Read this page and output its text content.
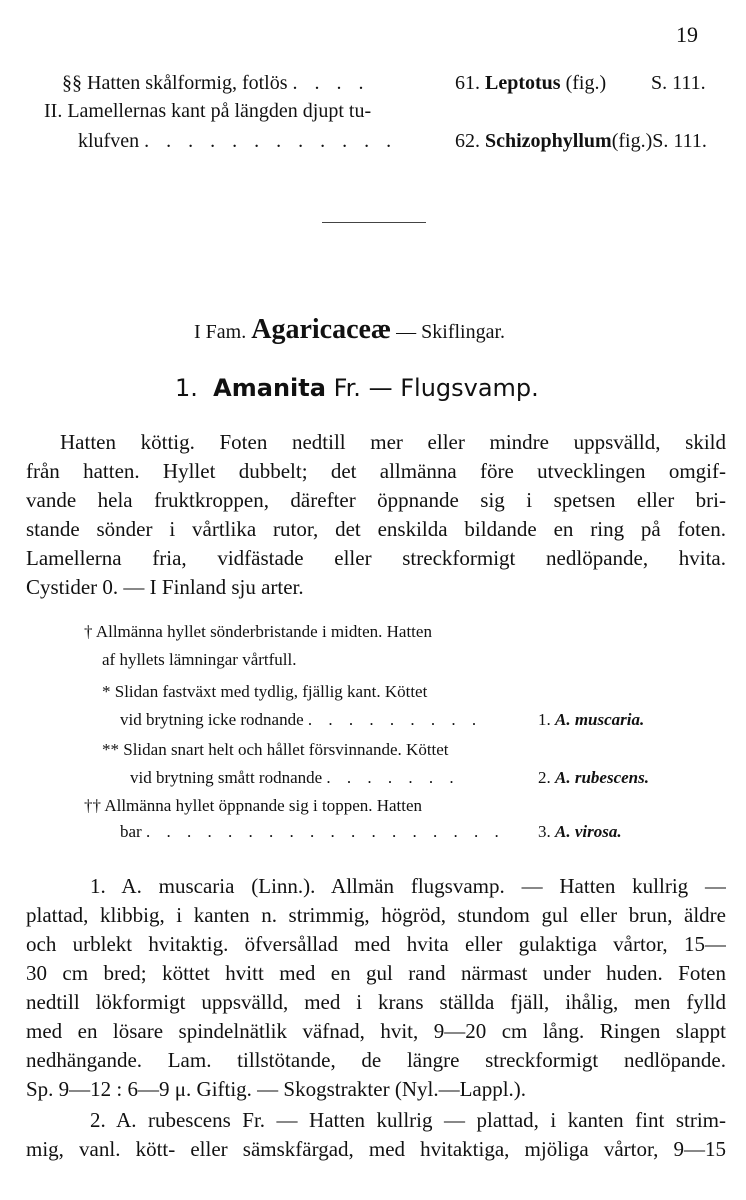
19
§§ Hatten skålformig, fotlös . . . .	61. Leptotus (fig.) S. 111.
II. Lamellernas kant på längden djupt tu-
klufven . . . . . . . . . . . .	62. Schizophyllum(fig.)S. 111.
I Fam. Agaricaceæ — Skiflingar.
1. Amanita Fr. — Flugsvamp.
Hatten köttig. Foten nedtill mer eller mindre uppsvälld, skild
från hatten. Hyllet dubbelt; det allmänna före utvecklingen omgif-
vande hela fruktkroppen, därefter öppnande sig i spetsen eller bri-
stande sönder i vårtlika rutor, det enskilda bildande en ring på foten.
Lamellerna fria, vidfästade eller streckformigt nedlöpande, hvita.
Cystider 0. — I Finland sju arter.
† Allmänna hyllet sönderbristande i midten. Hatten
af hyllets lämningar vårtfull.
* Slidan fastväxt med tydlig, fjällig kant. Köttet
vid brytning icke rodnande . . . . . . . . .	1. A. muscaria.
** Slidan snart helt och hållet försvinnande. Köttet
vid brytning smått rodnande . . . . . . .	2. A. rubescens.
†† Allmänna hyllet öppnande sig i toppen. Hatten
bar . . . . . . . . . . . . . . . . . . 3. A. virosa.
1. A. muscaria (Linn.). Allmän flugsvamp. — Hatten kullrig —
plattad, klibbig, i kanten n. strimmig, högröd, stundom gul eller brun, äldre
och urblekt hvitaktig. öfversållad med hvita eller gulaktiga vårtor, 15—
30 cm bred; köttet hvitt med en gul rand närmast under huden. Foten
nedtill lökformigt uppsvälld, med i krans ställda fjäll, ihålig, men fylld
med en lösare spindelnätlik väfnad, hvit, 9—20 cm lång. Ringen slappt
nedhängande. Lam. tillstötande, de längre streckformigt nedlöpande.
Sp. 9—12 : 6—9 μ. Giftig. — Skogstrakter (Nyl.—Lappl.).
2. A. rubescens Fr. — Hatten kullrig — plattad, i kanten fint strim-
mig, vanl. kött- eller sämskfärgad, med hvitaktiga, mjöliga vårtor, 9—15
